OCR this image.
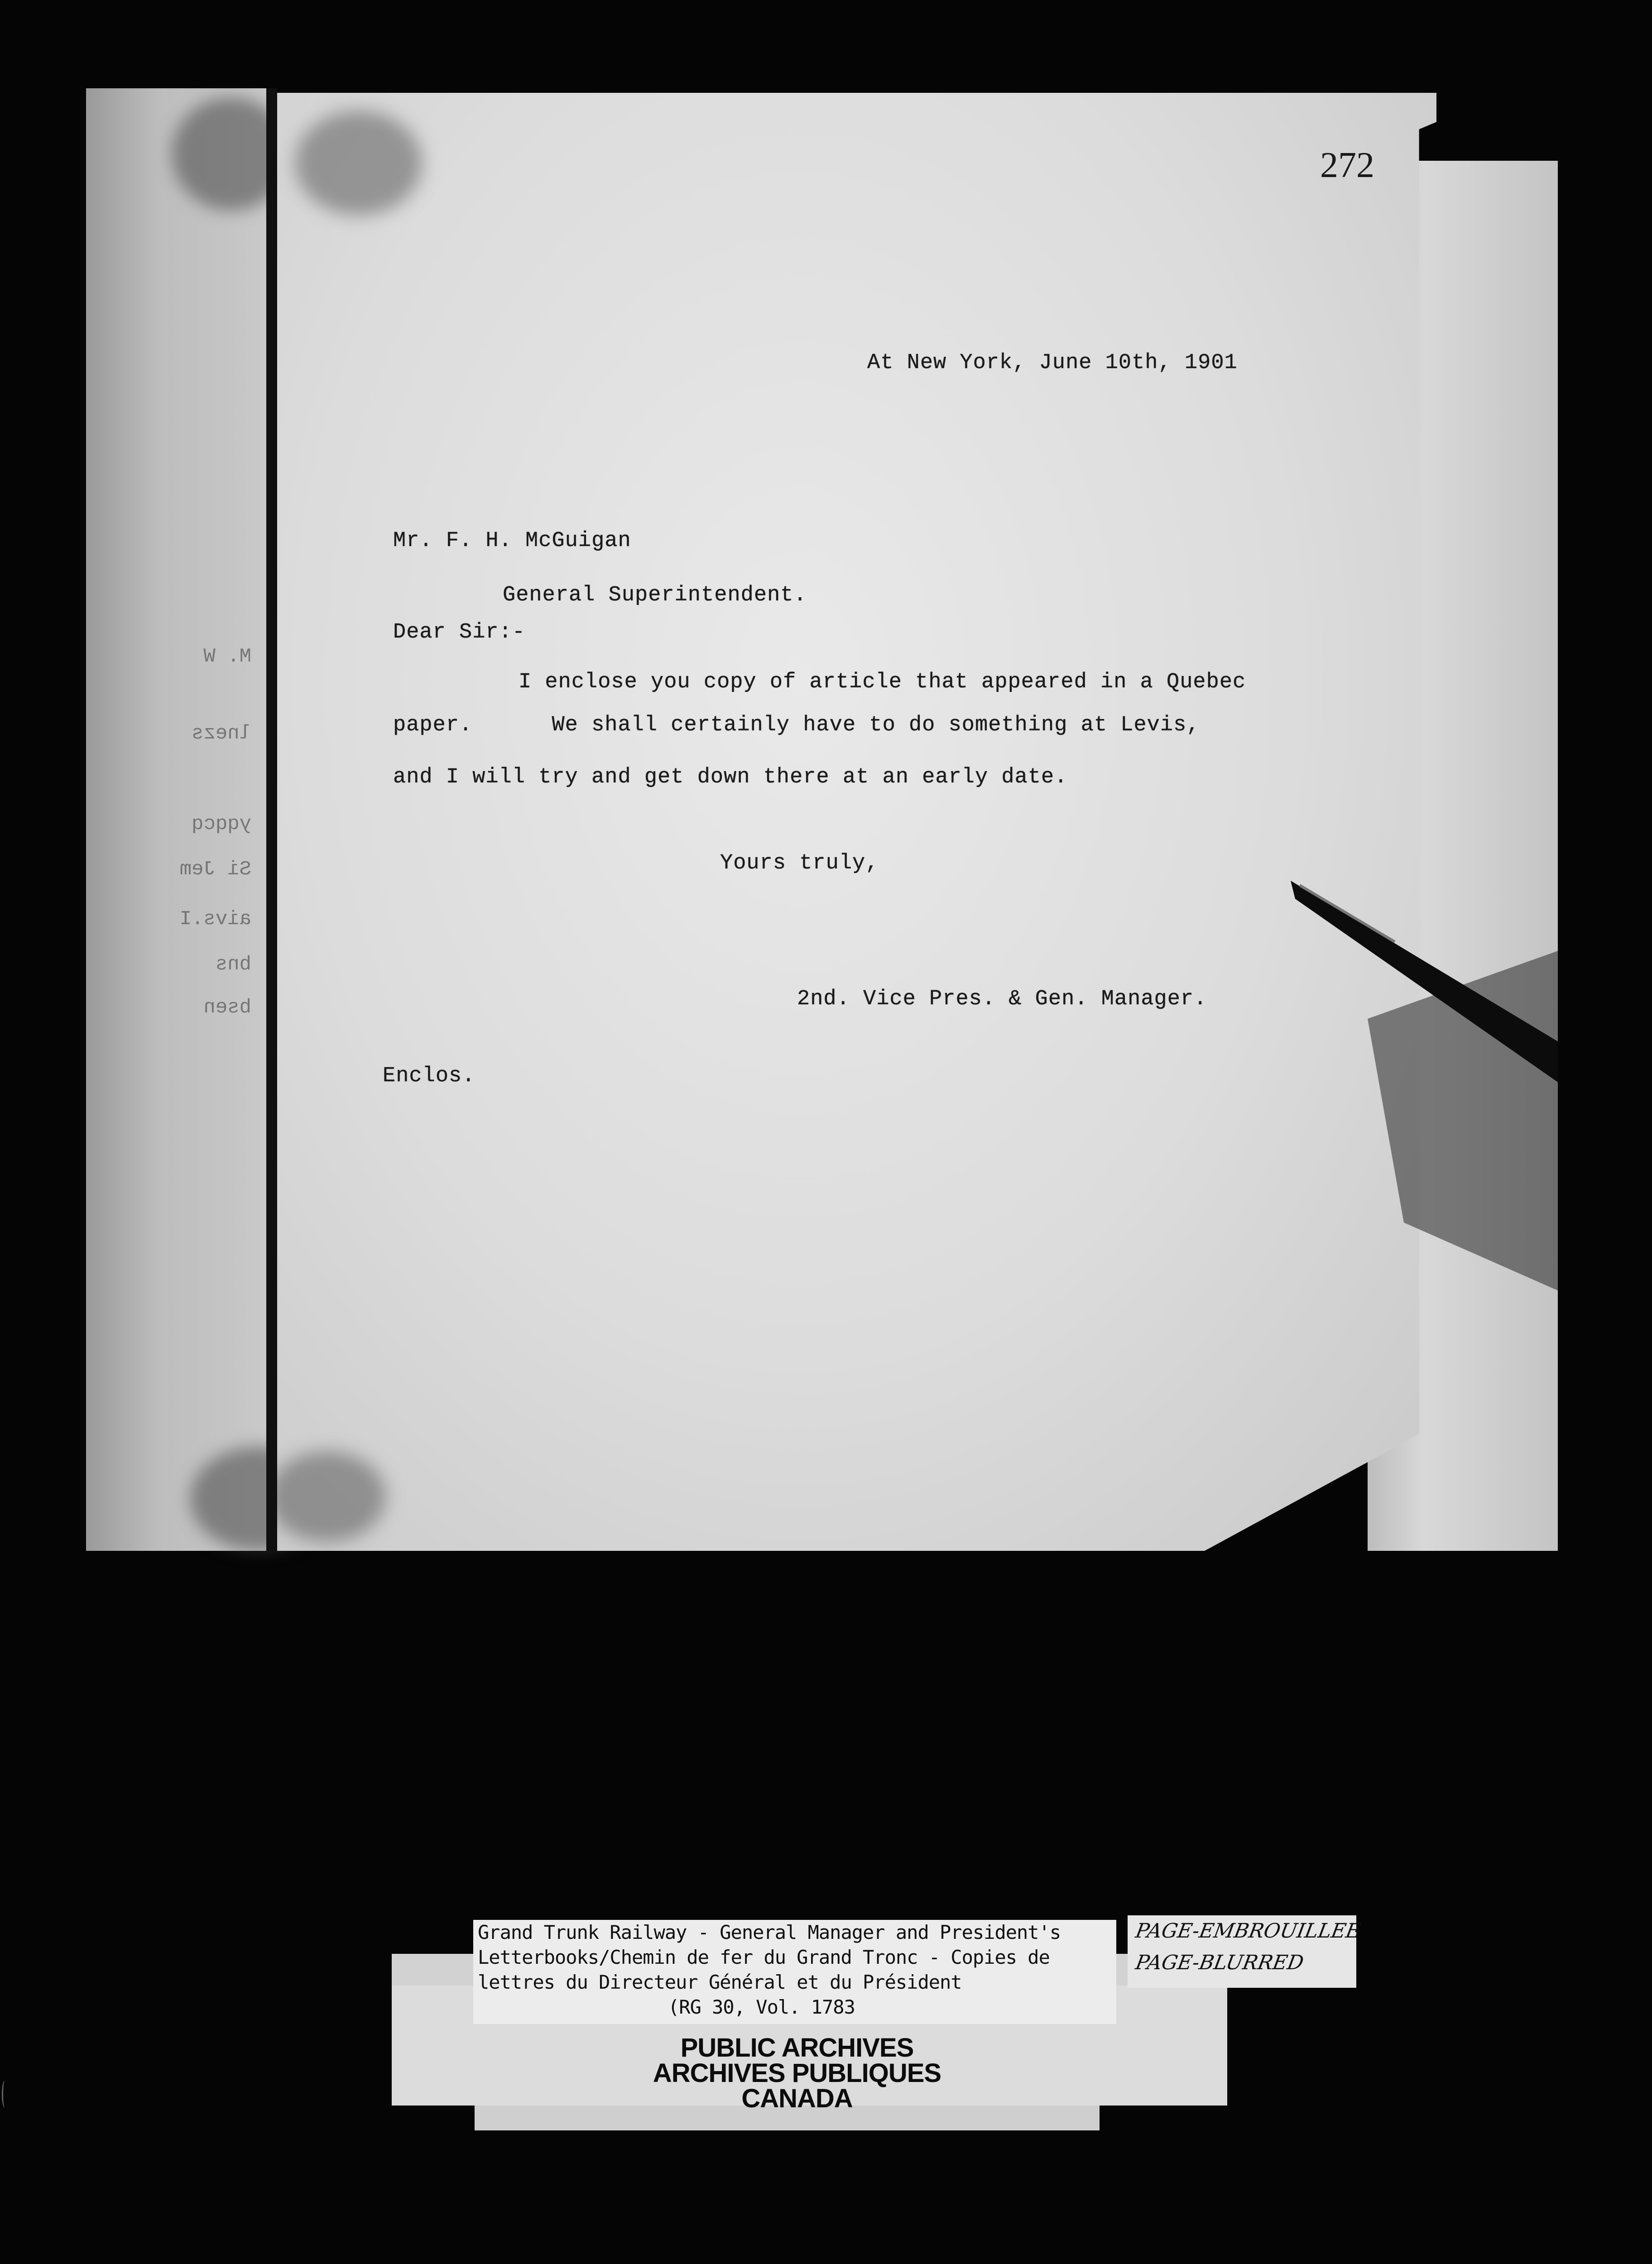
M. W
lnezs
yqqcq
Si Jem
aivs.I
bns
bsen
272
At New York, June 10th, 1901
Mr. F. H. McGuigan
General Superintendent.
Dear Sir:-
I enclose you copy of article that appeared in a Quebec
paper.      We shall certainly have to do something at Levis,
and I will try and get down there at an early date.
Yours truly,
2nd. Vice Pres. & Gen. Manager.
Enclos.
Grand Trunk Railway - General Manager and President's
Letterbooks/Chemin de fer du Grand Tronc - Copies de
lettres du Directeur Général et du Président
(RG 30, Vol. 1783
PUBLIC ARCHIVES
ARCHIVES PUBLIQUES
CANADA
PAGE-EMBROUILLEE
PAGE-BLURRED
